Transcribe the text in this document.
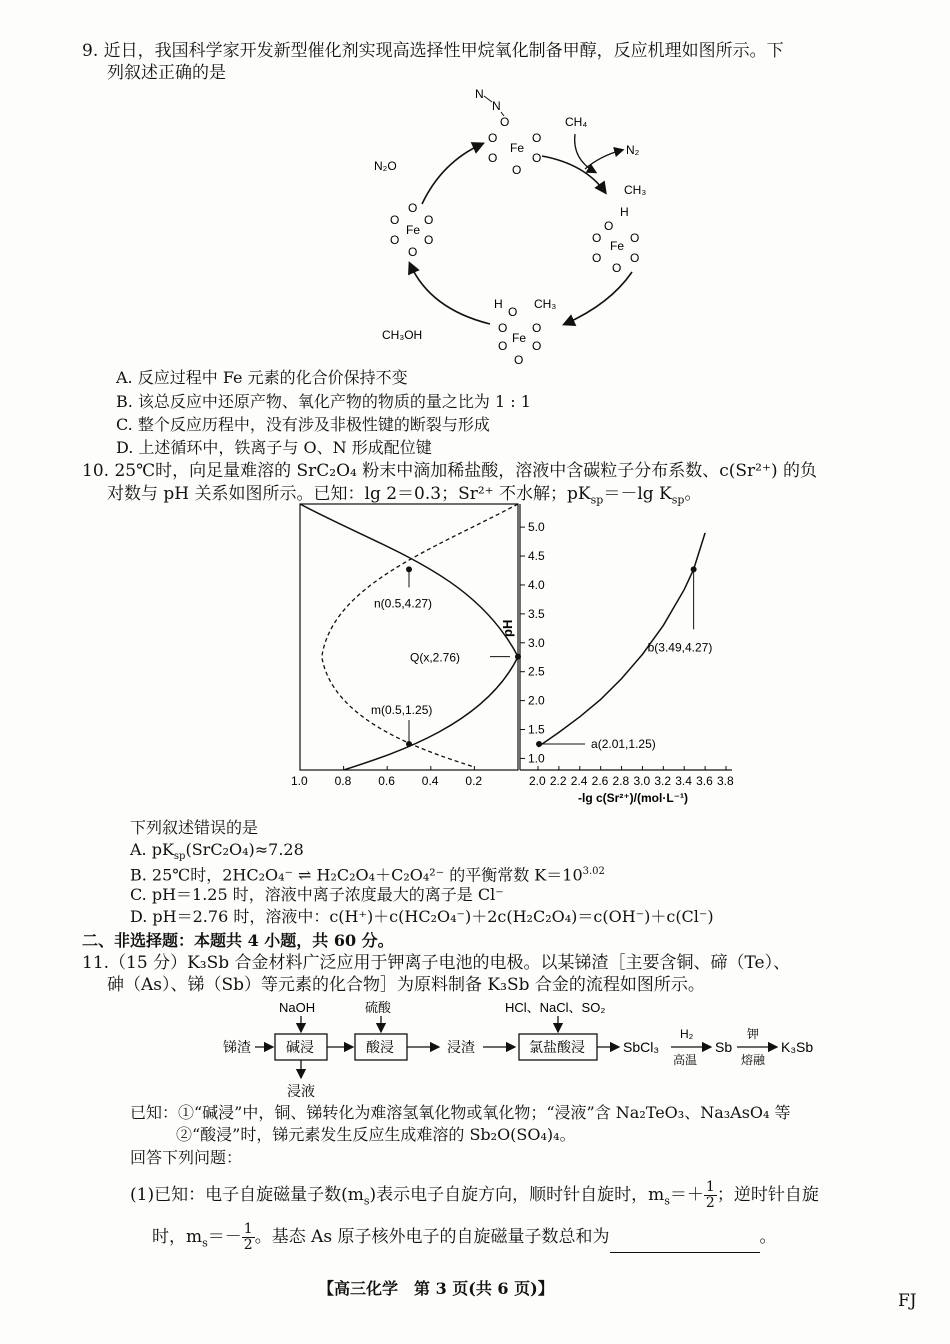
9. 近日，我国科学家开发新型催化剂实现高选择性甲烷氧化制备甲醇，反应机理如图所示。下
列叙述正确的是
N
N
O
Fe
O	O
O	O
O
CH₄
N₂
N₂O
Fe
O O
O O
O
O
CH₃
H
O
Fe
O O
O O
O
H
O
CH₃
Fe
O O
O O
O
CH₃OH
A. 反应过程中 Fe 元素的化合价保持不变
B. 该总反应中还原产物、氧化产物的物质的量之比为 1 : 1
C. 整个反应历程中，没有涉及非极性键的断裂与形成
D. 上述循环中，铁离子与 O、N 形成配位键
10. 25℃时，向足量难溶的 SrC₂O₄ 粉末中滴加稀盐酸，溶液中含碳粒子分布系数、c(Sr²⁺) 的负
对数与 pH 关系如图所示。已知：lg 2＝0.3；Sr²⁺ 不水解；$pK_{sp}=-\lg$ $K_{sp}$。
1.0
1.5
2.0
2.5
3.0
3.5
4.0
4.5
5.0
pH
1.0 0.8 0.6 0.4 0.2	2.0 2.2 2.4 2.6 2.8 3.0 3.2 3.4 3.6 3.8
-lg c(Sr²⁺)/(mol·L⁻¹)
n(0.5,4.27)
Q(x,2.76)
m(0.5,1.25)
a(2.01,1.25)
b(3.49,4.27)
下列叙述错误的是
A. $pK_{sp}(SrC_2O_4)\approx 7.28$
B. 25℃时，2HC₂O₄⁻ ⇌ H₂C₂O₄＋C₂O₄²⁻ 的平衡常数 $K=10^{3.02}$
C. pH＝1.25 时，溶液中离子浓度最大的离子是 Cl⁻
D. pH＝2.76 时，溶液中：c(H⁺)＋c(HC₂O₄⁻)＋2c(H₂C₂O₄)＝c(OH⁻)＋c(Cl⁻)
二、非选择题：本题共 4 小题，共 60 分。
11.（15 分）K₃Sb 合金材料广泛应用于钾离子电池的电极。以某锑渣［主要含铜、碲（Te）、
砷（As）、锑（Sb）等元素的化合物］为原料制备 K₃Sb 合金的流程如图所示。
锑渣	碱浸
NaOH
浸液
酸浸
硫酸
浸渣	氯盐酸浸
HCl、NaCl、SO₂
SbCl₃
H₂
高温
Sb
钾
熔融
K₃Sb
已知：①“碱浸”中，铜、锑转化为难溶氢氧化物或氧化物；“浸液”含 Na₂TeO₃、Na₃AsO₄ 等
②“酸浸”时，锑元素发生反应生成难溶的 Sb₂O(SO₄)₄。
回答下列问题：
(1)已知：电子自旋磁量子数$(m_s)$表示电子自旋方向，顺时针自旋时，$m_s=+ \frac{1}{2}$ ；逆时针自旋
时，$m_s=- \frac{1}{2}$ 。基态 As 原子核外电子的自旋磁量子数总和为	。
【高三化学　第 3 页(共 6 页)】
FJ
